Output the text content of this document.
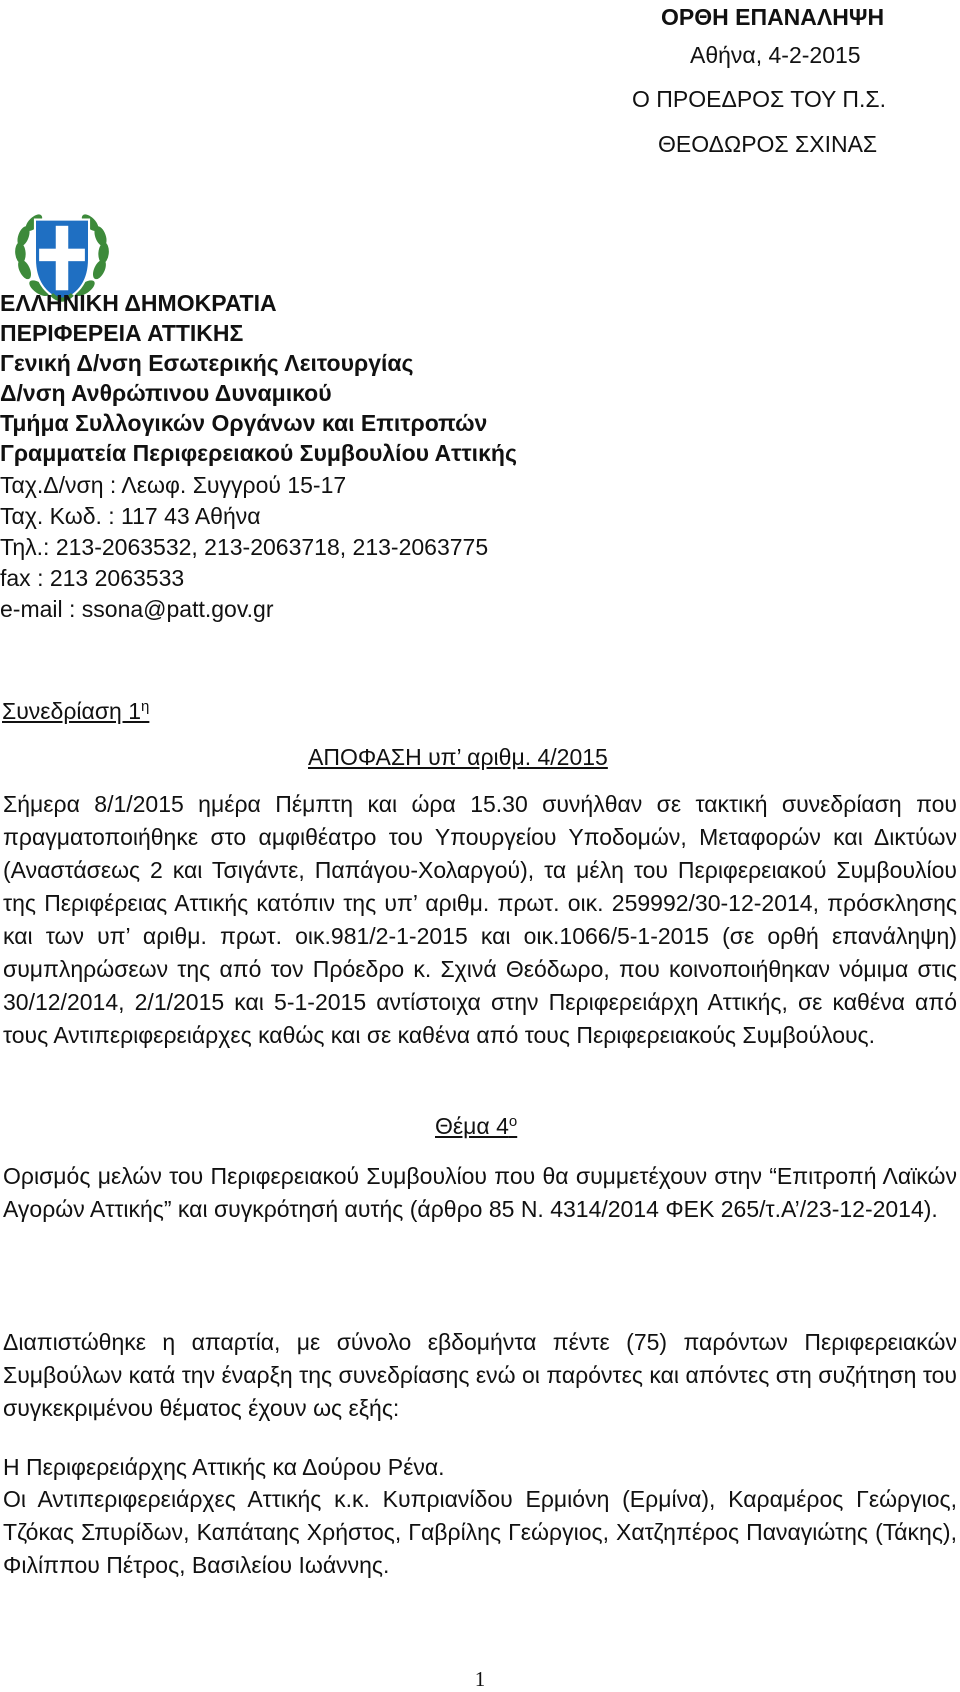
ΟΡΘΗ ΕΠΑΝΑΛΗΨΗ
Αθήνα, 4-2-2015
Ο ΠΡΟΕΔΡΟΣ ΤΟΥ Π.Σ.
ΘΕΟΔΩΡΟΣ ΣΧΙΝΑΣ
ΕΛΛΗΝΙΚΗ ΔΗΜΟΚΡΑΤΙΑ
ΠΕΡΙΦΕΡΕΙΑ ΑΤΤΙΚΗΣ
Γενική Δ/νση Εσωτερικής Λειτουργίας
Δ/νση Ανθρώπινου Δυναμικού
Τμήμα Συλλογικών Οργάνων και Επιτροπών
Γραμματεία Περιφερειακού Συμβουλίου Αττικής
Ταχ.Δ/νση : Λεωφ. Συγγρού 15-17
Ταχ. Κωδ. : 117 43 Αθήνα
Τηλ.: 213-2063532, 213-2063718, 213-2063775
fax : 213 2063533
e-mail : ssona@patt.gov.gr
Συνεδρίαση $1^\eta$
ΑΠΟΦΑΣΗ υπ’ αριθμ. 4/2015
Σήμερα 8/1/2015 ημέρα Πέμπτη και ώρα 15.30 συνήλθαν σε τακτική συνεδρίαση που πραγματοποιήθηκε στο αμφιθέατρο του Υπουργείου Υποδομών, Μεταφορών και Δικτύων (Αναστάσεως 2 και Τσιγάντε, Παπάγου-Χολαργού), τα μέλη του Περιφερειακού Συμβουλίου της Περιφέρειας Αττικής κατόπιν της υπ’ αριθμ. πρωτ. οικ. 259992/30-12-2014, πρόσκλησης και των υπ’ αριθμ. πρωτ. οικ.981/2-1-2015 και οικ.1066/5-1-2015 (σε ορθή επανάληψη) συμπληρώσεων της από τον Πρόεδρο κ. Σχινά Θεόδωρο, που κοινοποιήθηκαν νόμιμα στις 30/12/2014, 2/1/2015 και 5-1-2015 αντίστοιχα στην Περιφερειάρχη Αττικής, σε καθένα από τους Αντιπεριφερειάρχες καθώς και σε καθένα από τους Περιφερειακούς Συμβούλους.
Θέμα $4^o$
Ορισμός μελών του Περιφερειακού Συμβουλίου που θα συμμετέχουν στην “Επιτροπή Λαϊκών Αγορών Αττικής” και συγκρότησή αυτής (άρθρο 85 Ν. 4314/2014 ΦΕΚ 265/τ.Α’/23-12-2014).
Διαπιστώθηκε η απαρτία, με σύνολο εβδομήντα πέντε (75) παρόντων Περιφερειακών Συμβούλων κατά την έναρξη της συνεδρίασης ενώ οι παρόντες και απόντες στη συζήτηση του συγκεκριμένου θέματος έχουν ως εξής:
Η Περιφερειάρχης Αττικής κα Δούρου Ρένα.
Οι Αντιπεριφερειάρχες Αττικής κ.κ. Κυπριανίδου Ερμιόνη (Ερμίνα), Καραμέρος Γεώργιος, Τζόκας Σπυρίδων, Καπάταης Χρήστος, Γαβρίλης Γεώργιος, Χατζηπέρος Παναγιώτης (Τάκης), Φιλίππου Πέτρος, Βασιλείου Ιωάννης.
1
